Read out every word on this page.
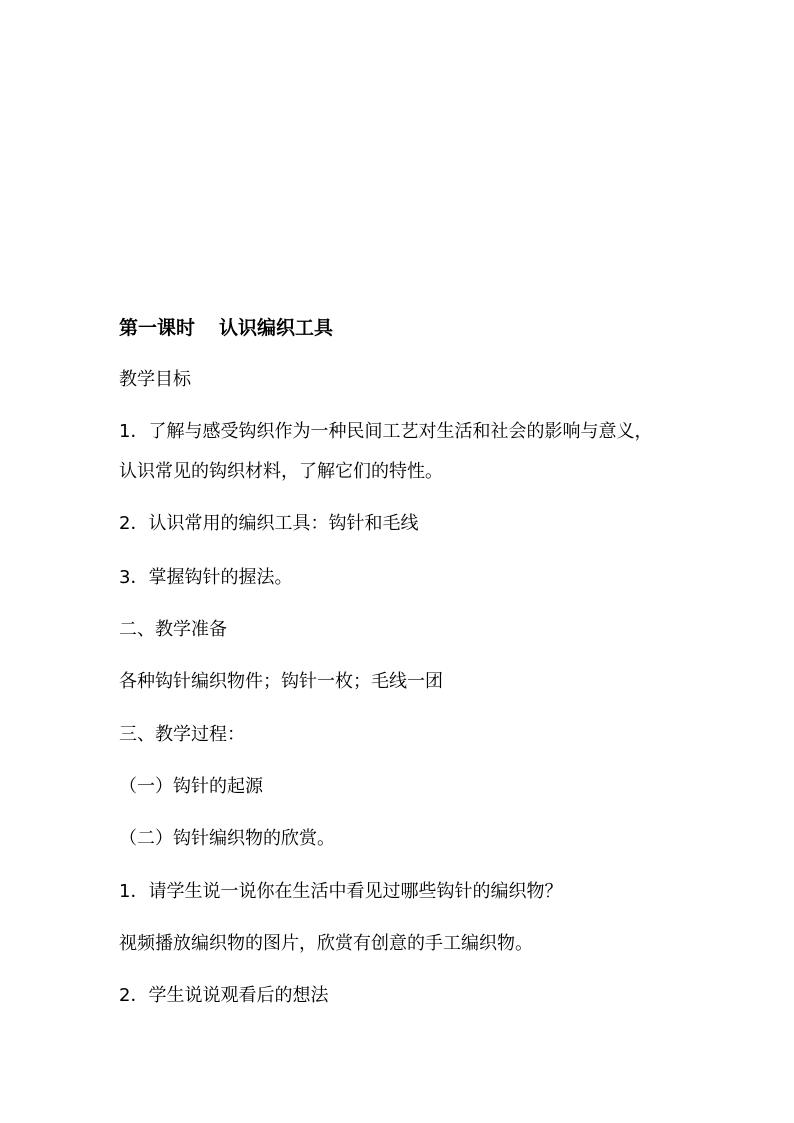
第一课时 认识编织工具
教学目标
1．了解与感受钩织作为一种民间工艺对生活和社会的影响与意义，
认识常见的钩织材料，了解它们的特性。
2．认识常用的编织工具：钩针和毛线
3．掌握钩针的握法。
二、教学准备
各种钩针编织物件；钩针一枚；毛线一团
三、教学过程：
（一）钩针的起源
（二）钩针编织物的欣赏。
1．请学生说一说你在生活中看见过哪些钩针的编织物？
视频播放编织物的图片，欣赏有创意的手工编织物。
2．学生说说观看后的想法
